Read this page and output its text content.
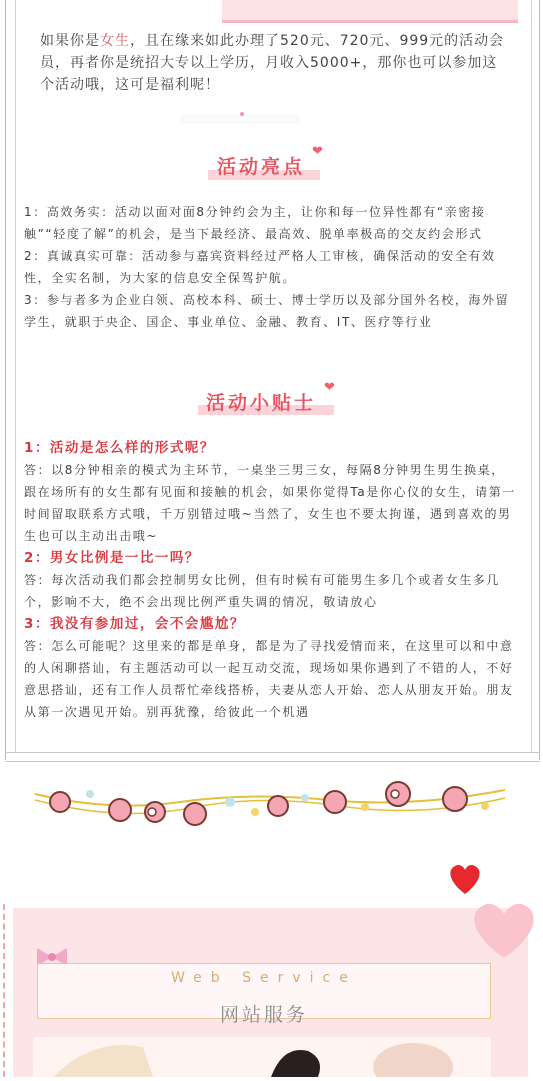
如果你是女生，且在缘来如此办理了520元、720元、999元的活动会员，再者你是统招大专以上学历，月收入5000+，那你也可以参加这个活动哦，这可是福利呢！
活动亮点
❤
1：高效务实：活动以面对面8分钟约会为主，让你和每一位异性都有“亲密接触”“轻度了解”的机会，是当下最经济、最高效、脱单率极高的交友约会形式
2：真诚真实可靠：活动参与嘉宾资料经过严格人工审核，确保活动的安全有效性，全实名制，为大家的信息安全保驾护航。
3：参与者多为企业白领、高校本科、硕士、博士学历以及部分国外名校，海外留学生，就职于央企、国企、事业单位、金融、教育、IT、医疗等行业
活动小贴士
❤
1：活动是怎么样的形式呢？
答：以8分钟相亲的模式为主环节，一桌坐三男三女，每隔8分钟男生男生换桌，跟在场所有的女生都有见面和接触的机会，如果你觉得Ta是你心仪的女生，请第一时间留取联系方式哦，千万别错过哦~当然了，女生也不要太拘谨，遇到喜欢的男生也可以主动出击哦~
2：男女比例是一比一吗？
答：每次活动我们都会控制男女比例，但有时候有可能男生多几个或者女生多几个，影响不大，绝不会出现比例严重失调的情况，敬请放心
3：我没有参加过，会不会尴尬？
答：怎么可能呢？这里来的都是单身，都是为了寻找爱情而来，在这里可以和中意的人闲聊搭讪，有主题活动可以一起互动交流，现场如果你遇到了不错的人，不好意思搭讪，还有工作人员帮忙牵线搭桥，夫妻从恋人开始、恋人从朋友开始。朋友从第一次遇见开始。别再犹豫，给彼此一个机遇
Web Service
网站服务
